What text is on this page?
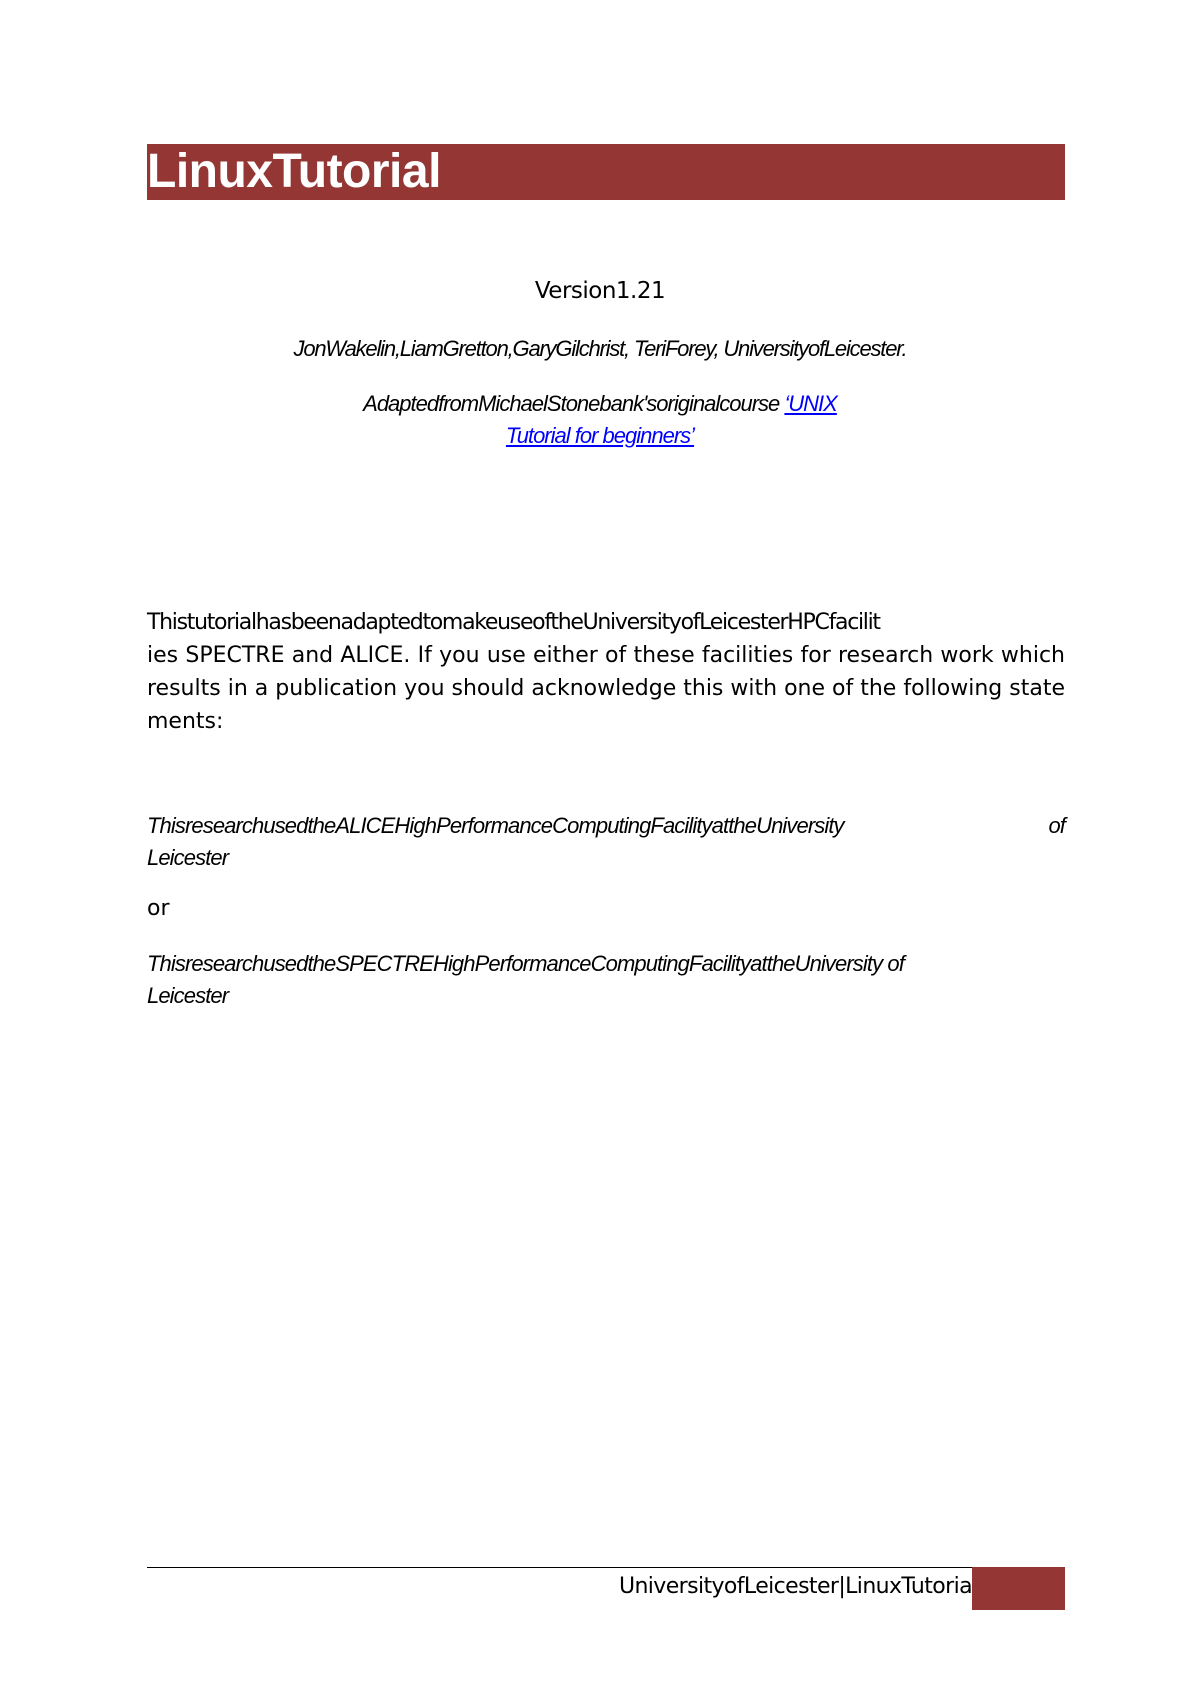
LinuxTutorial
Version1.21
JonWakelin,LiamGretton,GaryGilchrist, TeriForey, UniversityofLeicester.
AdaptedfromMichaelStonebank'soriginalcourse ‘UNIX
Tutorial for beginners’
ThistutorialhasbeenadaptedtomakeuseoftheUniversityofLeicesterHPCfacilit
ies SPECTRE and ALICE. If you use either of these facilities for research work which results in a publication you should acknowledge this with one of the following statements:
ThisresearchusedtheALICEHighPerformanceComputingFacilityattheUniversity	of
Leicester
or
ThisresearchusedtheSPECTREHighPerformanceComputingFacilityattheUniversity of
Leicester
UniversityofLeicester|LinuxTutoria
